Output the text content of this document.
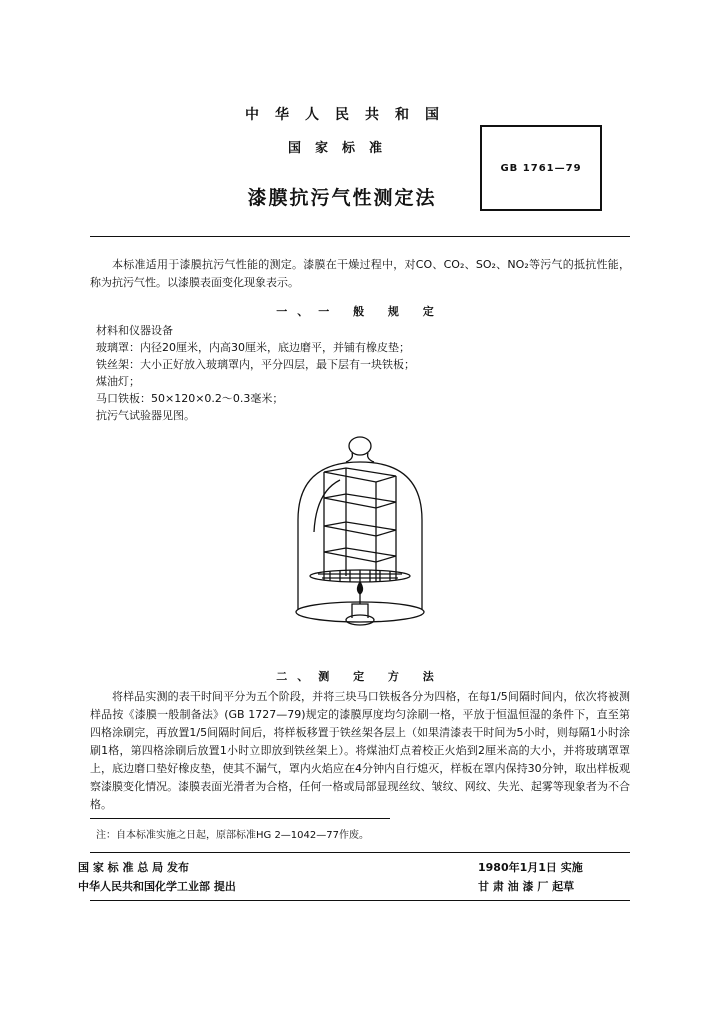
中华人民共和国
国家标准
漆膜抗污气性测定法
GB 1761—79
本标准适用于漆膜抗污气性能的测定。漆膜在干燥过程中，对CO、CO₂、SO₂、NO₂等污气的抵抗性能，称为抗污气性。以漆膜表面变化现象表示。
一、一 般 规 定
材料和仪器设备
玻璃罩：内径20厘米，内高30厘米，底边磨平，并铺有橡皮垫；
铁丝架：大小正好放入玻璃罩内，平分四层，最下层有一块铁板；
煤油灯；
马口铁板：50×120×0.2～0.3毫米；
抗污气试验器见图。
二、测 定 方 法
将样品实测的表干时间平分为五个阶段，并将三块马口铁板各分为四格，在每1/5间隔时间内，依次将被测样品按《漆膜一般制备法》(GB 1727—79)规定的漆膜厚度均匀涂刷一格，平放于恒温恒湿的条件下，直至第四格涂刷完，再放置1/5间隔时间后，将样板移置于铁丝架各层上（如果清漆表干时间为5小时，则每隔1小时涂刷1格，第四格涂刷后放置1小时立即放到铁丝架上）。将煤油灯点着校正火焰到2厘米高的大小，并将玻璃罩罩上，底边磨口垫好橡皮垫，使其不漏气，罩内火焰应在4分钟内自行熄灭，样板在罩内保持30分钟，取出样板观察漆膜变化情况。漆膜表面光滑者为合格，任何一格或局部显现丝纹、皱纹、网纹、失光、起雾等现象者为不合格。
注：自本标准实施之日起，原部标准HG 2—1042—77作废。
国 家 标 准 总 局 发布
中华人民共和国化学工业部 提出
1980年1月1日 实施
甘 肃 油 漆 厂 起草
